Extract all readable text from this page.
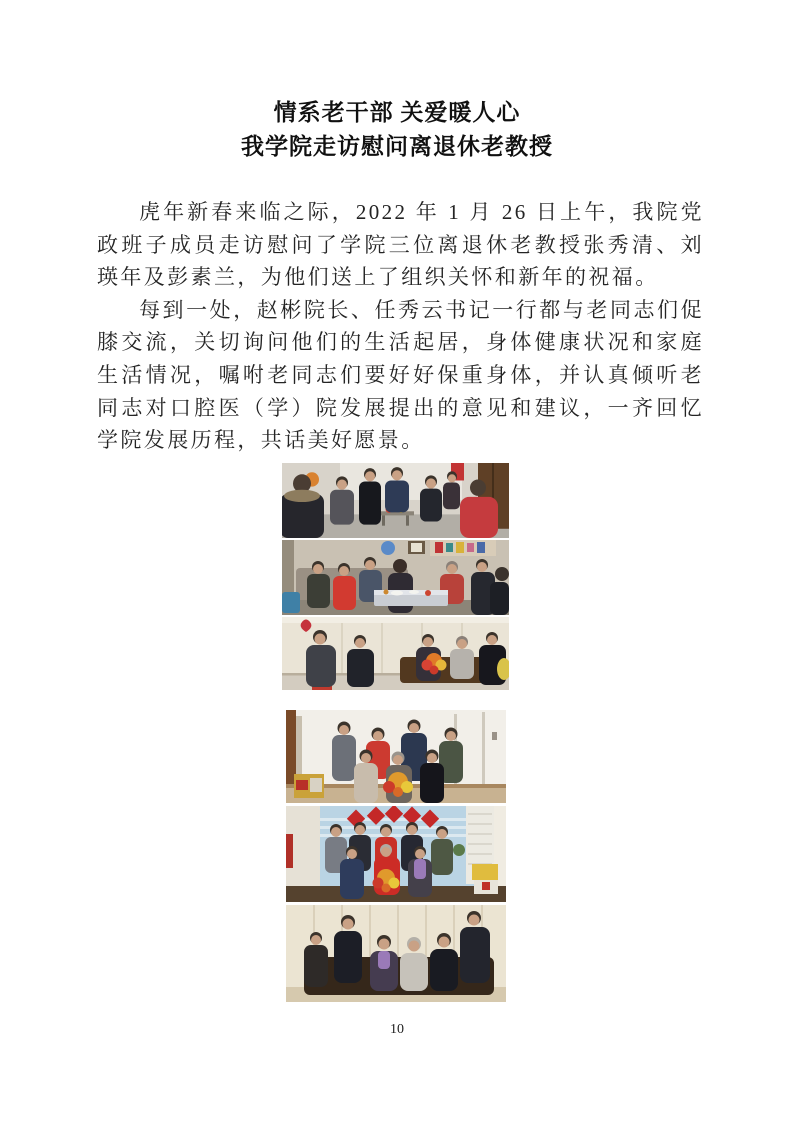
情系老干部 关爱暖人心
我学院走访慰问离退休老教授

虎年新春来临之际，2022 年 1 月 26 日上午，我院党政班子成员走访慰问了学院三位离退休老教授张秀清、刘瑛年及彭素兰，为他们送上了组织关怀和新年的祝福。

每到一处，赵彬院长、任秀云书记一行都与老同志们促膝交流，关切询问他们的生活起居，身体健康状况和家庭生活情况，嘱咐老同志们要好好保重身体，并认真倾听老同志对口腔医（学）院发展提出的意见和建议，一齐回忆学院发展历程，共话美好愿景。

10
